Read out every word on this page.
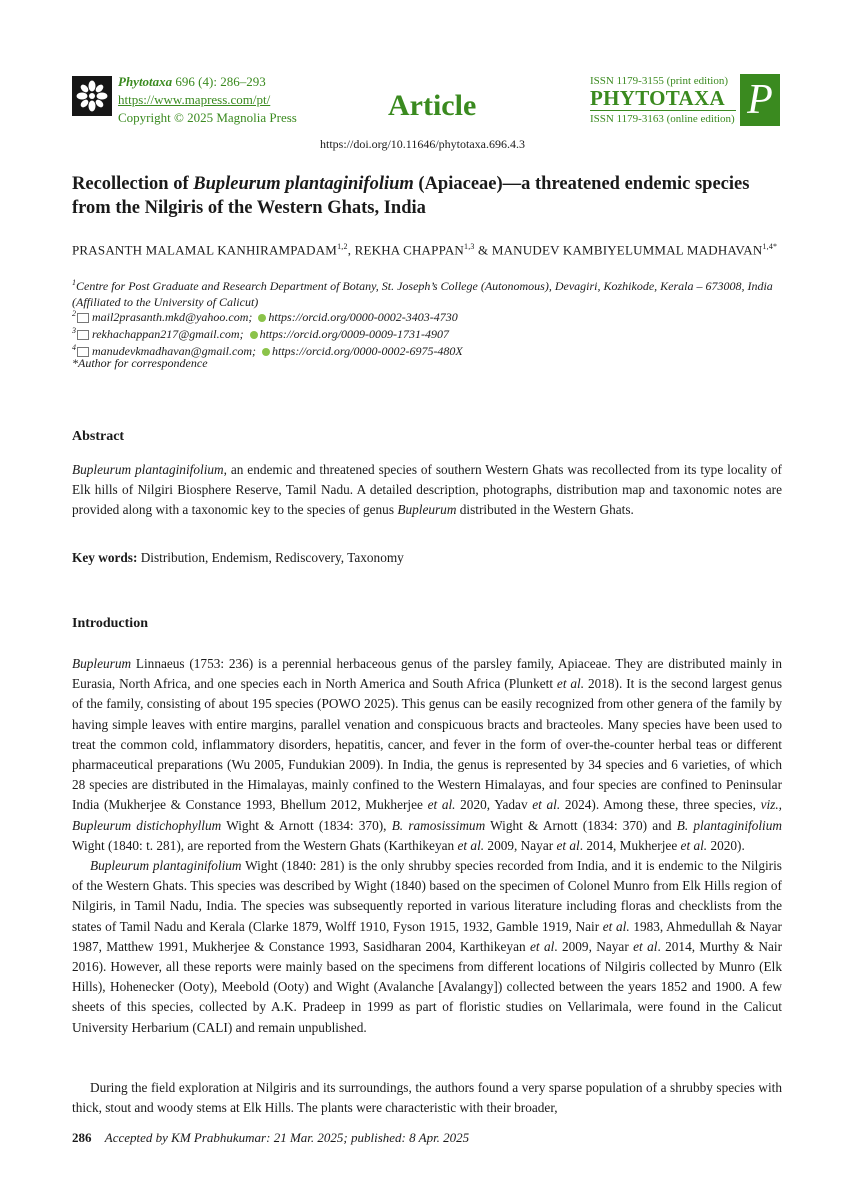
Phytotaxa 696 (4): 286–293
https://www.mapress.com/pt/
Copyright © 2025 Magnolia Press	Article
ISSN 1179-3155 (print edition)
PHYTOTAXA
ISSN 1179-3163 (online edition) P
https://doi.org/10.11646/phytotaxa.696.4.3
Recollection of Bupleurum plantaginifolium (Apiaceae)—a threatened endemic species from the Nilgiris of the Western Ghats, India
PRASANTH MALAMAL KANHIRAMPADAM$^{1,2}$, REKHA CHAPPAN$^{1,3}$ & MANUDEV KAMBIYELUMMAL $MADHAVAN^{1,4*}$
$^1$Centre for Post Graduate and Research Department of Botany, St. Joseph’s College (Autonomous), Devagiri, Kozhikode, Kerala – 673008, India (Affiliated to the University of Calicut)
$^2$ mail2prasanth.mkd@yahoo.com; https://orcid.org/0000-0002-3403-4730
$^3$ rekhachappan217@gmail.com; https://orcid.org/0009-0009-1731-4907
$^4$ manudevkmadhavan@gmail.com; https://orcid.org/0000-0002-6975-480X
*Author for correspondence
Abstract
Bupleurum plantaginifolium, an endemic and threatened species of southern Western Ghats was recollected from its type locality of Elk hills of Nilgiri Biosphere Reserve, Tamil Nadu. A detailed description, photographs, distribution map and taxonomic notes are provided along with a taxonomic key to the species of genus Bupleurum distributed in the Western Ghats.
Key words: Distribution, Endemism, Rediscovery, Taxonomy
Introduction
Bupleurum Linnaeus (1753: 236) is a perennial herbaceous genus of the parsley family, Apiaceae. They are distributed mainly in Eurasia, North Africa, and one species each in North America and South Africa (Plunkett et al. 2018). It is the second largest genus of the family, consisting of about 195 species (POWO 2025). This genus can be easily recognized from other genera of the family by having simple leaves with entire margins, parallel venation and conspicuous bracts and bracteoles. Many species have been used to treat the common cold, inflammatory disorders, hepatitis, cancer, and fever in the form of over-the-counter herbal teas or different pharmaceutical preparations (Wu 2005, Fundukian 2009). In India, the genus is represented by 34 species and 6 varieties, of which 28 species are distributed in the Himalayas, mainly confined to the Western Himalayas, and four species are confined to Peninsular India (Mukherjee & Constance 1993, Bhellum 2012, Mukherjee et al. 2020, Yadav et al. 2024). Among these, three species, viz., Bupleurum distichophyllum Wight & Arnott (1834: 370), B. ramosissimum Wight & Arnott (1834: 370) and B. plantaginifolium Wight (1840: t. 281), are reported from the Western Ghats (Karthikeyan et al. 2009, Nayar et al. 2014, Mukherjee et al. 2020).
Bupleurum plantaginifolium Wight (1840: 281) is the only shrubby species recorded from India, and it is endemic to the Nilgiris of the Western Ghats. This species was described by Wight (1840) based on the specimen of Colonel Munro from Elk Hills region of Nilgiris, in Tamil Nadu, India. The species was subsequently reported in various literature including floras and checklists from the states of Tamil Nadu and Kerala (Clarke 1879, Wolff 1910, Fyson 1915, 1932, Gamble 1919, Nair et al. 1983, Ahmedullah & Nayar 1987, Matthew 1991, Mukherjee & Constance 1993, Sasidharan 2004, Karthikeyan et al. 2009, Nayar et al. 2014, Murthy & Nair 2016). However, all these reports were mainly based on the specimens from different locations of Nilgiris collected by Munro (Elk Hills), Hohenecker (Ooty), Meebold (Ooty) and Wight (Avalanche [Avalangy]) collected between the years 1852 and 1900. A few sheets of this species, collected by A.K. Pradeep in 1999 as part of floristic studies on Vellarimala, were found in the Calicut University Herbarium (CALI) and remain unpublished.
During the field exploration at Nilgiris and its surroundings, the authors found a very sparse population of a shrubby species with thick, stout and woody stems at Elk Hills. The plants were characteristic with their broader,
286 Accepted by KM Prabhukumar: 21 Mar. 2025; published: 8 Apr. 2025
